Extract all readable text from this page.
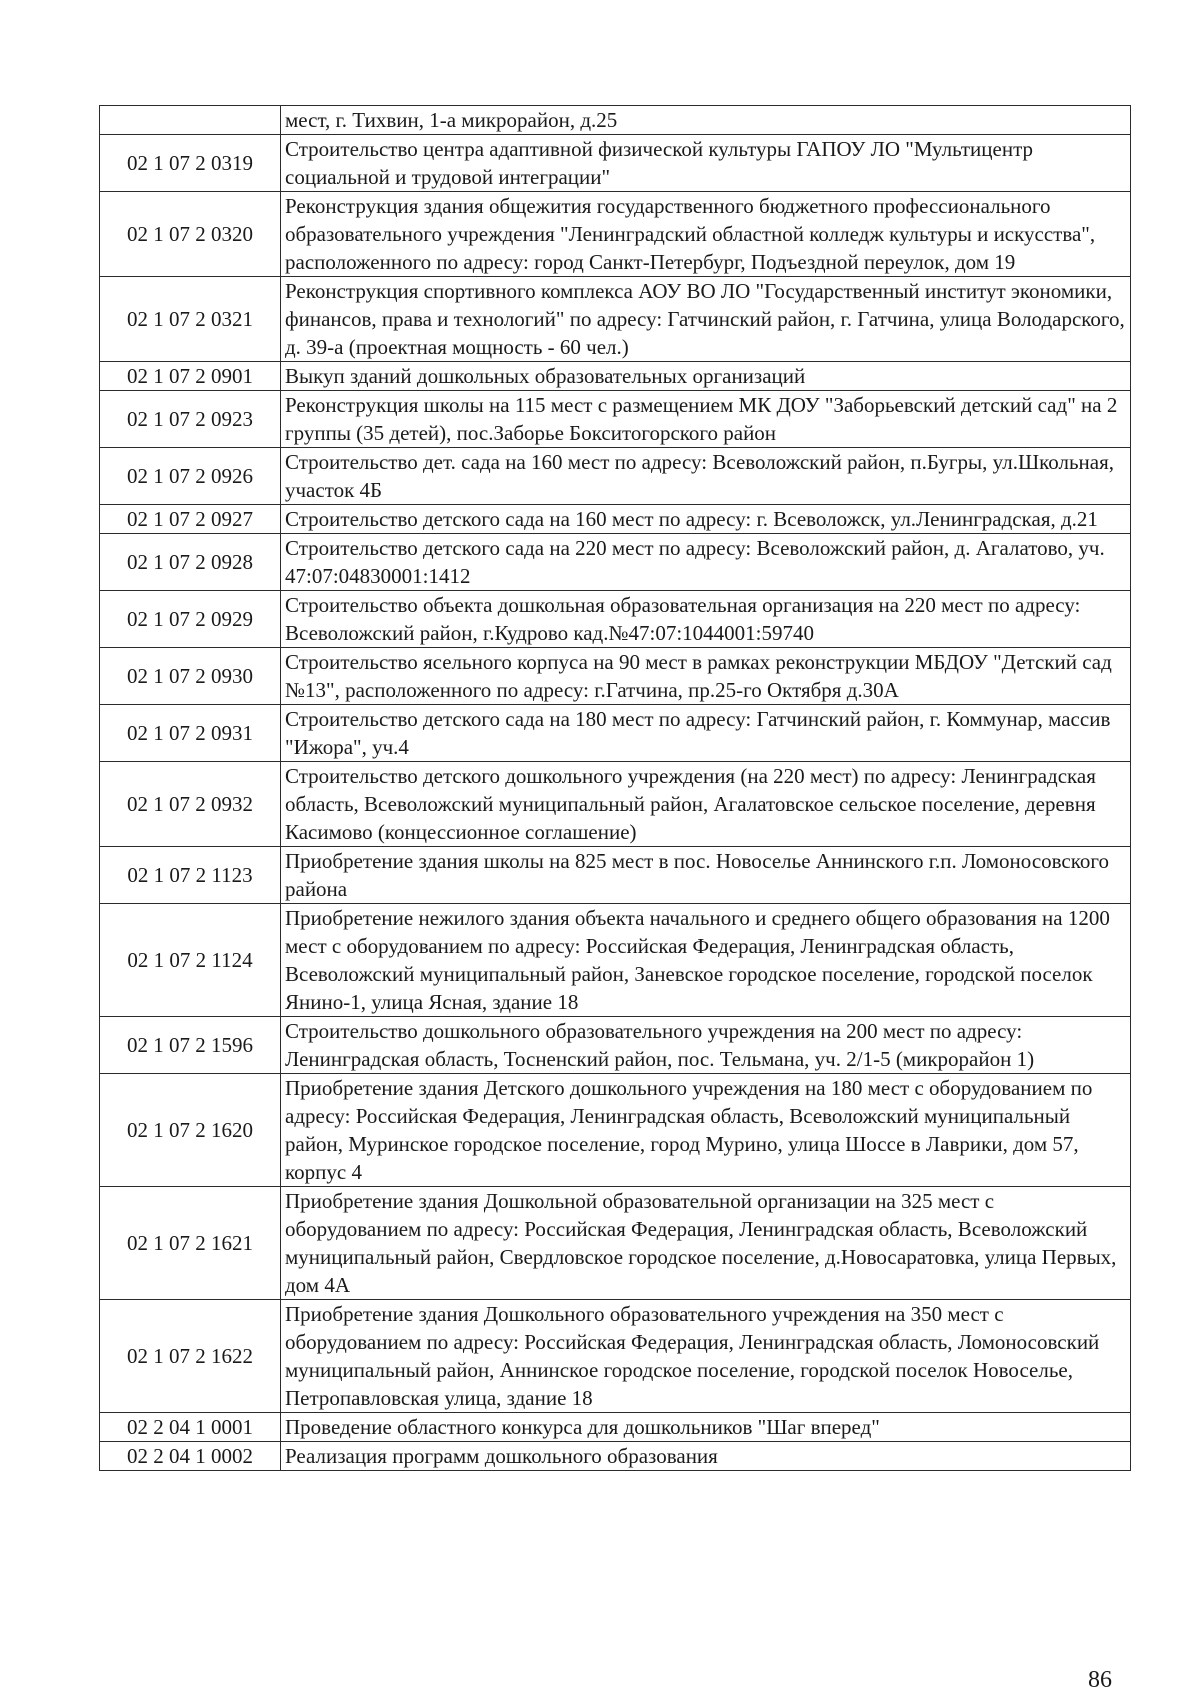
	мест, г. Тихвин, 1-а микрорайон, д.25
02 1 07 2 0319	Строительство центра адаптивной физической культуры ГАПОУ ЛО "Мультицентр социальной и трудовой интеграции"
02 1 07 2 0320	Реконструкция здания общежития государственного бюджетного профессионального образовательного учреждения "Ленинградский областной колледж культуры и искусства", расположенного по адресу: город Санкт-Петербург, Подъездной переулок, дом 19
02 1 07 2 0321	Реконструкция спортивного комплекса АОУ ВО ЛО "Государственный институт экономики, финансов, права и технологий" по адресу: Гатчинский район, г. Гатчина, улица Володарского, д. 39-а (проектная мощность - 60 чел.)
02 1 07 2 0901	Выкуп зданий дошкольных образовательных организаций
02 1 07 2 0923	Реконструкция школы на 115 мест с размещением МК ДОУ "Заборьевский детский сад" на 2 группы (35 детей), пос.Заборье Бокситогорского район
02 1 07 2 0926	Строительство дет. сада на 160 мест по адресу: Всеволожский район, п.Бугры, ул.Школьная, участок 4Б
02 1 07 2 0927	Строительство детского сада на 160 мест по адресу: г. Всеволожск, ул.Ленинградская, д.21
02 1 07 2 0928	Строительство детского сада на 220 мест по адресу: Всеволожский район, д. Агалатово, уч. 47:07:04830001:1412
02 1 07 2 0929	Строительство объекта дошкольная образовательная организация на 220 мест по адресу: Всеволожский район, г.Кудрово кад.№47:07:1044001:59740
02 1 07 2 0930	Строительство ясельного корпуса на 90 мест в рамках реконструкции МБДОУ "Детский сад №13", расположенного по адресу: г.Гатчина, пр.25-го Октября д.30А
02 1 07 2 0931	Строительство детского сада на 180 мест по адресу: Гатчинский район, г. Коммунар, массив "Ижора", уч.4
02 1 07 2 0932	Строительство детского дошкольного учреждения (на 220 мест) по адресу: Ленинградская область, Всеволожский муниципальный район, Агалатовское сельское поселение, деревня Касимово (концессионное соглашение)
02 1 07 2 1123	Приобретение здания школы на 825 мест в пос. Новоселье Аннинского г.п. Ломоносовского района
02 1 07 2 1124	Приобретение нежилого здания объекта начального и среднего общего образования на 1200 мест с оборудованием по адресу: Российская Федерация, Ленинградская область, Всеволожский муниципальный район, Заневское городское поселение, городской поселок Янино-1, улица Ясная, здание 18
02 1 07 2 1596	Строительство дошкольного образовательного учреждения на 200 мест по адресу: Ленинградская область, Тосненский район, пос. Тельмана, уч. 2/1-5 (микрорайон 1)
02 1 07 2 1620	Приобретение здания Детского дошкольного учреждения на 180 мест с оборудованием по адресу: Российская Федерация, Ленинградская область, Всеволожский муниципальный район, Муринское городское поселение, город Мурино, улица Шоссе в Лаврики, дом 57, корпус 4
02 1 07 2 1621	Приобретение здания Дошкольной образовательной организации на 325 мест с оборудованием по адресу: Российская Федерация, Ленинградская область, Всеволожский муниципальный район, Свердловское городское поселение, д.Новосаратовка, улица Первых, дом 4А
02 1 07 2 1622	Приобретение здания Дошкольного образовательного учреждения на 350 мест с оборудованием по адресу: Российская Федерация, Ленинградская область, Ломоносовский муниципальный район, Аннинское городское поселение, городской поселок Новоселье, Петропавловская улица, здание 18
02 2 04 1 0001	Проведение областного конкурса для дошкольников "Шаг вперед"
02 2 04 1 0002	Реализация программ дошкольного образования
86
